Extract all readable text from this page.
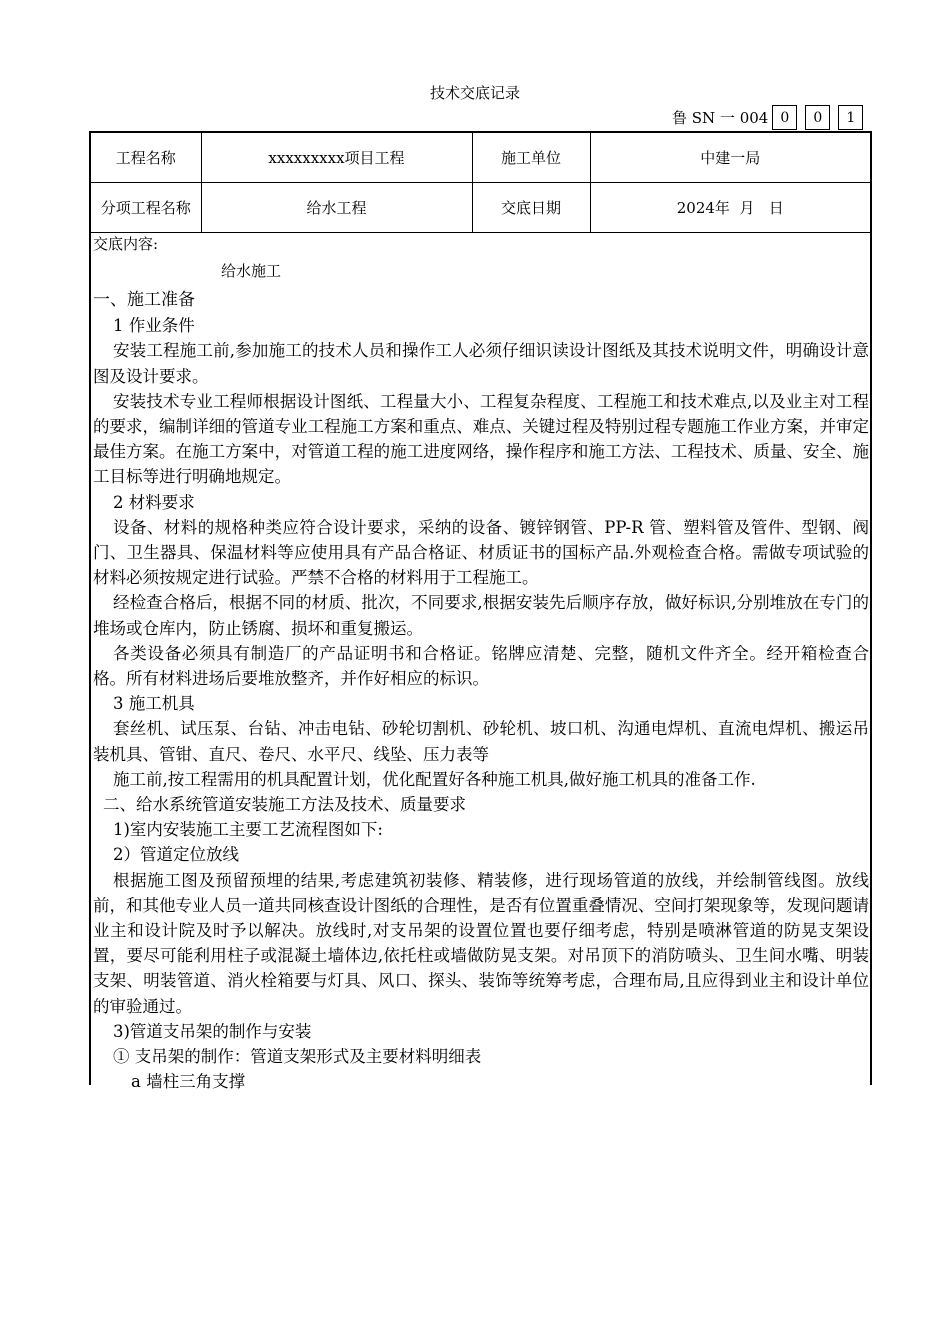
技术交底记录
鲁 SN 一 004 0	0	1
工程名称	xxxxxxxxx项目工程	施工单位	中建一局
分项工程名称	给水工程	交底日期	2024年  月   日

交底内容:

给水施工

一、施工准备

1 作业条件

安装工程施工前,参加施工的技术人员和操作工人必须仔细识读设计图纸及其技术说明文件，明确设计意图及设计要求。

安装技术专业工程师根据设计图纸、工程量大小、工程复杂程度、工程施工和技术难点,以及业主对工程的要求，编制详细的管道专业工程施工方案和重点、难点、关键过程及特别过程专题施工作业方案，并审定最佳方案。在施工方案中，对管道工程的施工进度网络，操作程序和施工方法、工程技术、质量、安全、施工目标等进行明确地规定。

2 材料要求

设备、材料的规格种类应符合设计要求，采纳的设备、镀锌钢管、PP-R 管、塑料管及管件、型钢、阀门、卫生器具、保温材料等应使用具有产品合格证、材质证书的国标产品.外观检查合格。需做专项试验的材料必须按规定进行试验。严禁不合格的材料用于工程施工。

经检查合格后，根据不同的材质、批次，不同要求,根据安装先后顺序存放，做好标识,分别堆放在专门的堆场或仓库内，防止锈腐、损坏和重复搬运。

各类设备必须具有制造厂的产品证明书和合格证。铭牌应清楚、完整，随机文件齐全。经开箱检查合格。所有材料进场后要堆放整齐，并作好相应的标识。

3 施工机具

套丝机、试压泵、台钻、冲击电钻、砂轮切割机、砂轮机、坡口机、沟通电焊机、直流电焊机、搬运吊装机具、管钳、直尺、卷尺、水平尺、线坠、压力表等

施工前,按工程需用的机具配置计划，优化配置好各种施工机具,做好施工机具的准备工作.

二、给水系统管道安装施工方法及技术、质量要求

1)室内安装施工主要工艺流程图如下:

2）管道定位放线

根据施工图及预留预埋的结果,考虑建筑初装修、精装修，进行现场管道的放线，并绘制管线图。放线前，和其他专业人员一道共同核查设计图纸的合理性，是否有位置重叠情况、空间打架现象等，发现问题请业主和设计院及时予以解决。放线时,对支吊架的设置位置也要仔细考虑，特别是喷淋管道的防晃支架设置，要尽可能利用柱子或混凝土墙体边,依托柱或墙做防晃支架。对吊顶下的消防喷头、卫生间水嘴、明装支架、明装管道、消火栓箱要与灯具、风口、探头、装饰等统筹考虑，合理布局,且应得到业主和设计单位的审验通过。

3)管道支吊架的制作与安装

① 支吊架的制作：管道支架形式及主要材料明细表

a 墙柱三角支撑
